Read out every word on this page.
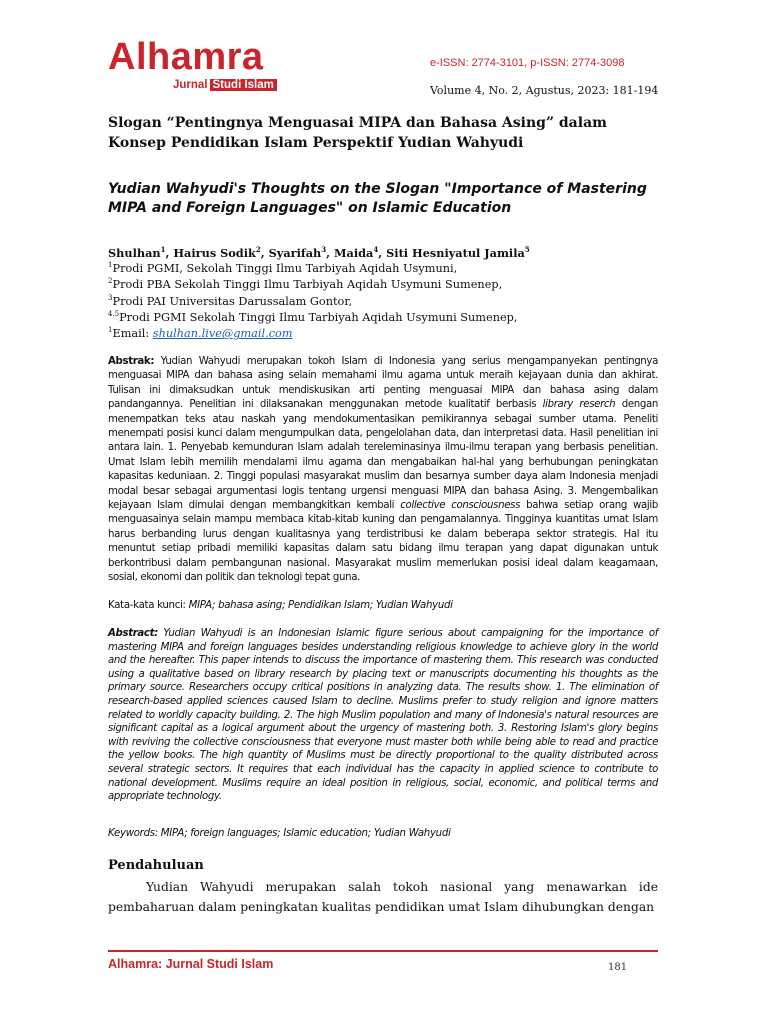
Alhamra
Jurnal Studi Islam
e-ISSN: 2774-3101, p-ISSN: 2774-3098
Volume 4, No. 2, Agustus, 2023: 181-194
Slogan “Pentingnya Menguasai MIPA dan Bahasa Asing” dalam Konsep Pendidikan Islam Perspektif Yudian Wahyudi
Yudian Wahyudi's Thoughts on the Slogan "Importance of Mastering MIPA and Foreign Languages" on Islamic Education
Shulhan$^1$, Hairus Sodik$^2$, Syarifah$^3$, Maida$^4$, Siti Hesniyatul Jamila$^5$
$^1$Prodi PGMI, Sekolah Tinggi Ilmu Tarbiyah Aqidah Usymuni,
$^2$Prodi PBA Sekolah Tinggi Ilmu Tarbiyah Aqidah Usymuni Sumenep,
$^3$Prodi PAI Universitas Darussalam Gontor,
$^{4.5}$Prodi PGMI Sekolah Tinggi Ilmu Tarbiyah Aqidah Usymuni Sumenep,
$^1$Email: shulhan.live@gmail.com
Abstrak: Yudian Wahyudi merupakan tokoh Islam di Indonesia yang serius mengampanyekan pentingnya menguasai MIPA dan bahasa asing selain memahami ilmu agama untuk meraih kejayaan dunia dan akhirat. Tulisan ini dimaksudkan untuk mendiskusikan arti penting menguasai MIPA dan bahasa asing dalam pandangannya. Penelitian ini dilaksanakan menggunakan metode kualitatif berbasis library reserch dengan menempatkan teks atau naskah yang mendokumentasikan pemikirannya sebagai sumber utama. Peneliti menempati posisi kunci dalam mengumpulkan data, pengelolahan data, dan interpretasi data. Hasil penelitian ini antara lain. 1. Penyebab kemunduran Islam adalah tereleminasinya ilmu-ilmu terapan yang berbasis penelitian. Umat Islam lebih memilih mendalami ilmu agama dan mengabaikan hal-hal yang berhubungan peningkatan kapasitas keduniaan. 2. Tinggi populasi masyarakat muslim dan besarnya sumber daya alam Indonesia menjadi modal besar sebagai argumentasi logis tentang urgensi menguasi MIPA dan bahasa Asing. 3. Mengembalikan kejayaan Islam dimulai dengan membangkitkan kembali collective consciousness bahwa setiap orang wajib menguasainya selain mampu membaca kitab-kitab kuning dan pengamalannya. Tingginya kuantitas umat Islam harus berbanding lurus dengan kualitasnya yang terdistribusi ke dalam beberapa sektor strategis. Hal itu menuntut setiap pribadi memiliki kapasitas dalam satu bidang ilmu terapan yang dapat digunakan untuk berkontribusi dalam pembangunan nasional. Masyarakat muslim memerlukan posisi ideal dalam keagamaan, sosial, ekonomi dan politik dan teknologi tepat guna.
Kata-kata kunci: MIPA; bahasa asing; Pendidikan Islam; Yudian Wahyudi
Abstract: Yudian Wahyudi is an Indonesian Islamic figure serious about campaigning for the importance of mastering MIPA and foreign languages besides understanding religious knowledge to achieve glory in the world and the hereafter. This paper intends to discuss the importance of mastering them. This research was conducted using a qualitative based on library research by placing text or manuscripts documenting his thoughts as the primary source. Researchers occupy critical positions in analyzing data. The results show. 1. The elimination of research-based applied sciences caused Islam to decline. Muslims prefer to study religion and ignore matters related to worldly capacity building. 2. The high Muslim population and many of Indonesia's natural resources are significant capital as a logical argument about the urgency of mastering both. 3. Restoring Islam's glory begins with reviving the collective consciousness that everyone must master both while being able to read and practice the yellow books. The high quantity of Muslims must be directly proportional to the quality distributed across several strategic sectors. It requires that each individual has the capacity in applied science to contribute to national development. Muslims require an ideal position in religious, social, economic, and political terms and appropriate technology.
Keywords: MIPA; foreign languages; Islamic education; Yudian Wahyudi
Pendahuluan
Yudian Wahyudi merupakan salah tokoh nasional yang menawarkan ide pembaharuan dalam peningkatan kualitas pendidikan umat Islam dihubungkan dengan
Alhamra: Jurnal Studi Islam	181
